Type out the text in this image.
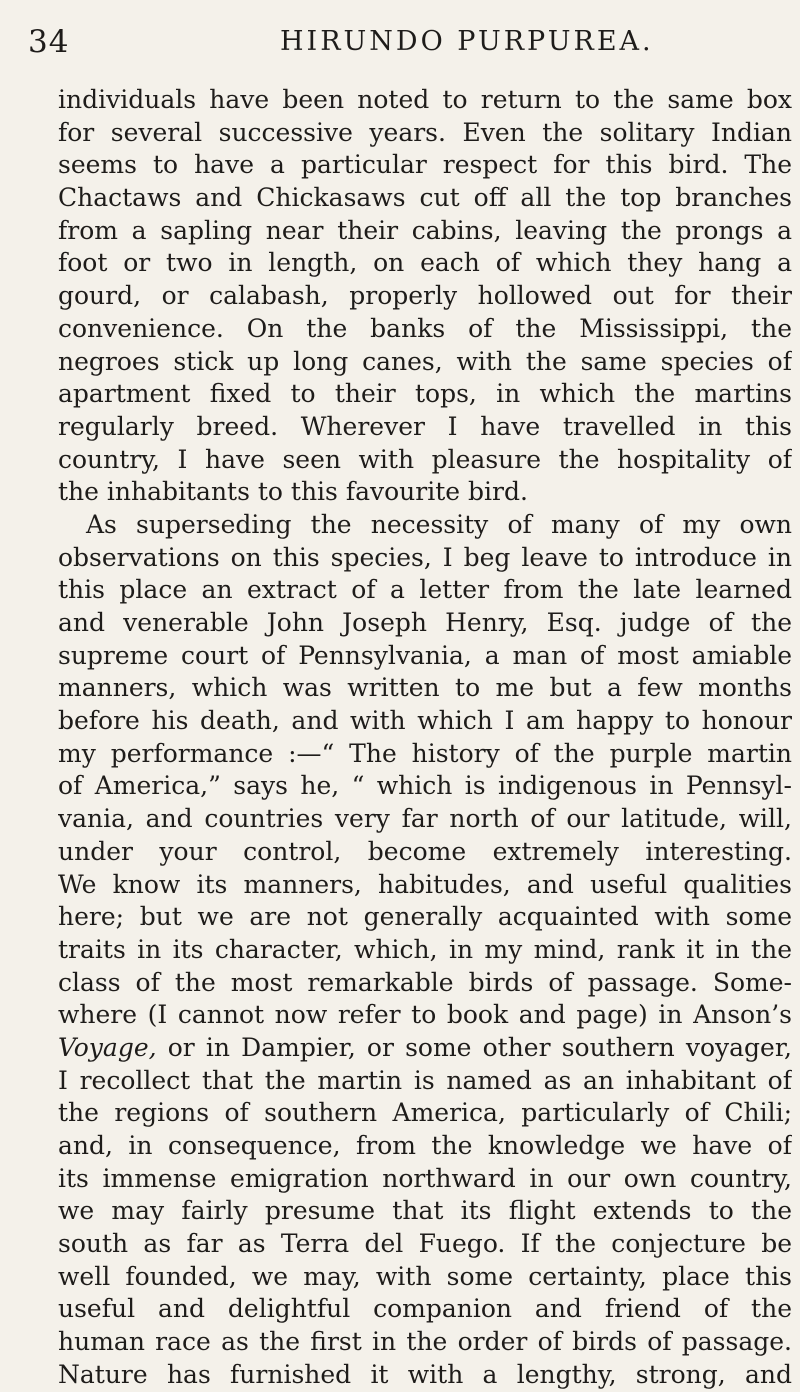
34	HIRUNDO PURPUREA.
individuals have been noted to return to the same box
for several successive years. Even the solitary Indian
seems to have a particular respect for this bird. The
Chactaws and Chickasaws cut off all the top branches
from a sapling near their cabins, leaving the prongs a
foot or two in length, on each of which they hang a
gourd, or calabash, properly hollowed out for their
convenience. On the banks of the Mississippi, the
negroes stick up long canes, with the same species of
apartment fixed to their tops, in which the martins
regularly breed. Wherever I have travelled in this
country, I have seen with pleasure the hospitality of
the inhabitants to this favourite bird.
As superseding the necessity of many of my own
observations on this species, I beg leave to introduce in
this place an extract of a letter from the late learned
and venerable John Joseph Henry, Esq. judge of the
supreme court of Pennsylvania, a man of most amiable
manners, which was written to me but a few months
before his death, and with which I am happy to honour
my performance :—“ The history of the purple martin
of America,” says he, “ which is indigenous in Pennsyl-
vania, and countries very far north of our latitude, will,
under your control, become extremely interesting.
We know its manners, habitudes, and useful qualities
here; but we are not generally acquainted with some
traits in its character, which, in my mind, rank it in the
class of the most remarkable birds of passage. Some-
where (I cannot now refer to book and page) in Anson’s
Voyage, or in Dampier, or some other southern voyager,
I recollect that the martin is named as an inhabitant of
the regions of southern America, particularly of Chili;
and, in consequence, from the knowledge we have of
its immense emigration northward in our own country,
we may fairly presume that its flight extends to the
south as far as Terra del Fuego. If the conjecture be
well founded, we may, with some certainty, place this
useful and delightful companion and friend of the
human race as the first in the order of birds of passage.
Nature has furnished it with a lengthy, strong, and
